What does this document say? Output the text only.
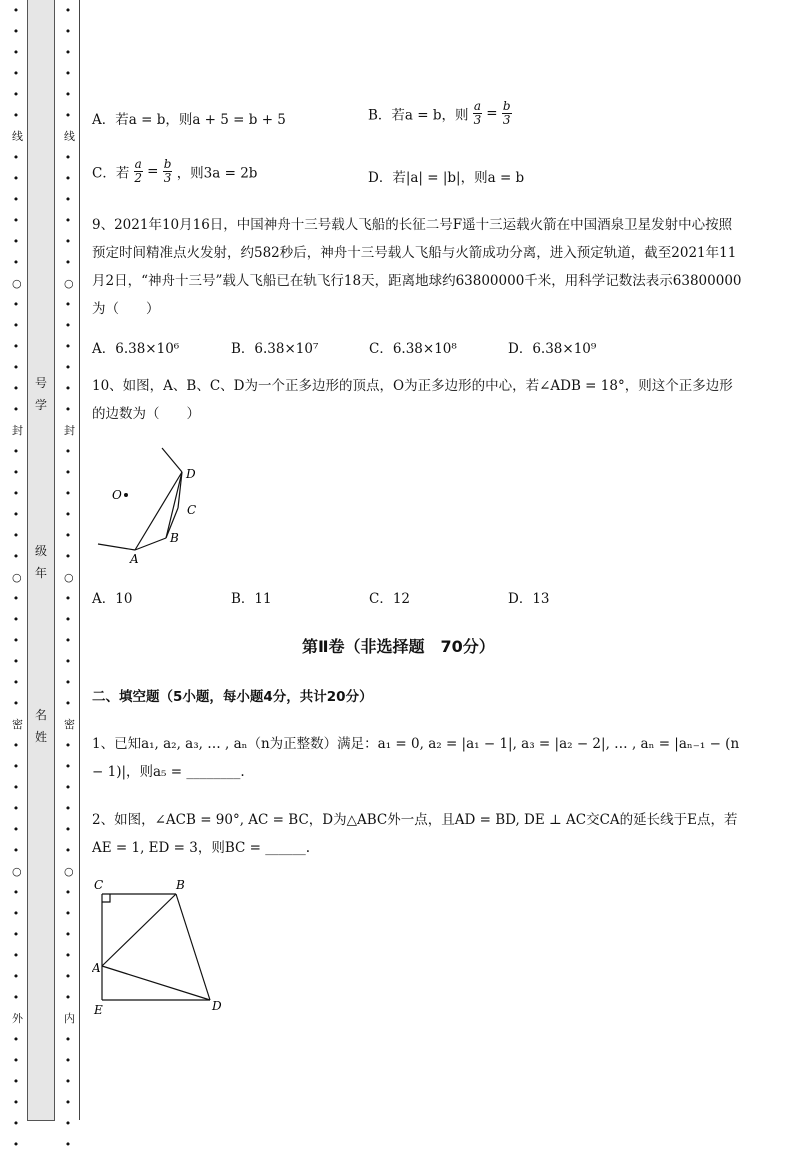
•
•
•
•
•
•
线
•
•
•
•
•
•
○
•
•
•
•
•
•
封
•
•
•
•
•
•
○
•
•
•
•
•
•
密
•
•
•
•
•
•
○
•
•
•
•
•
•
外
•
•
•
•
•
•
号学
级年
名姓
•
•
•
•
•
•
线
•
•
•
•
•
•
○
•
•
•
•
•
•
封
•
•
•
•
•
•
○
•
•
•
•
•
•
密
•
•
•
•
•
•
○
•
•
•
•
•
•
内
•
•
•
•
•
•
A．若a = b，则a + 5 = b + 5	B．若a = b，则 $\frac{a}{3} = \frac{b}{3}$
C．若 $\frac{a}{2} = \frac{b}{3}$ ，则3a = 2b	D．若|a| = |b|，则a = b
9、2021年10月16日，中国神舟十三号载人飞船的长征二号F遥十三运载火箭在中国酒泉卫星发射中心按照预定时间精准点火发射，约582秒后，神舟十三号载人飞船与火箭成功分离，进入预定轨道，截至2021年11月2日，“神舟十三号”载人飞船已在轨飞行18天，距离地球约63800000千米，用科学记数法表示63800000为（　　）
A．6.38×10⁶	B．6.38×10⁷	C．6.38×10⁸	D．6.38×10⁹
10、如图，A、B、C、D为一个正多边形的顶点，O为正多边形的中心，若∠ADB = 18°，则这个正多边形的边数为（　　）
D
O
C
B
A
A．10	B．11	C．12	D．13
第Ⅱ卷（非选择题　70分）
二、填空题（5小题，每小题4分，共计20分）
1、已知a₁, a₂, a₃, … , aₙ（n为正整数）满足：a₁ = 0, a₂ = |a₁ − 1|, a₃ = |a₂ − 2|, … , aₙ = |aₙ₋₁ − (n − 1)|，则a₅ = ________.
2、如图，∠ACB = 90°, AC = BC，D为△ABC外一点，且AD = BD, DE ⊥ AC交CA的延长线于E点，若AE = 1, ED = 3，则BC = ______.
C	B
A
E	D
